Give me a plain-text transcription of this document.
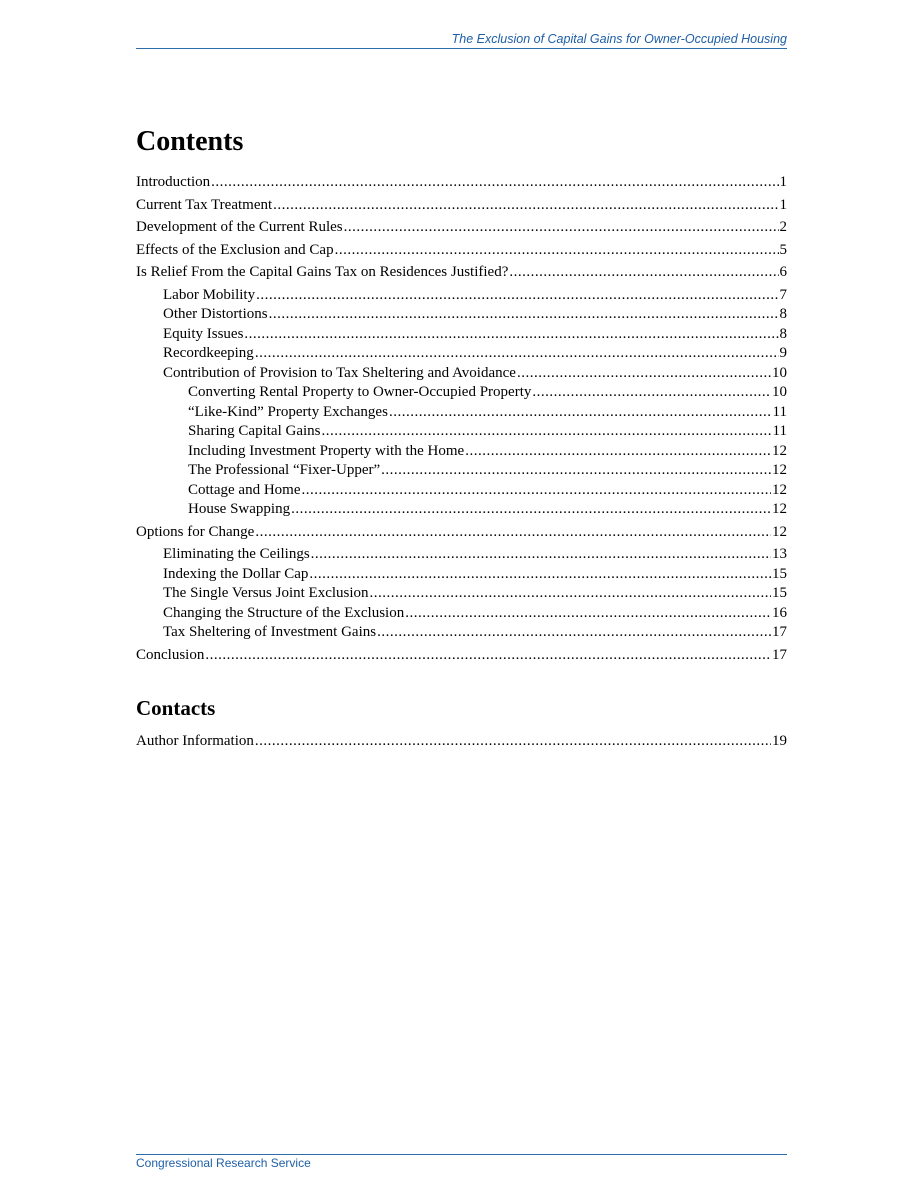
The Exclusion of Capital Gains for Owner-Occupied Housing
Contents
Introduction .....	1
Current Tax Treatment .....	1
Development of the Current Rules .....	2
Effects of the Exclusion and Cap .....	5
Is Relief From the Capital Gains Tax on Residences Justified? .....	6
Labor Mobility .....	7
Other Distortions .....	8
Equity Issues .....	8
Recordkeeping .....	9
Contribution of Provision to Tax Sheltering and Avoidance .....	10
Converting Rental Property to Owner-Occupied Property .....	10
“Like-Kind” Property Exchanges .....	11
Sharing Capital Gains .....	11
Including Investment Property with the Home .....	12
The Professional “Fixer-Upper” .....	12
Cottage and Home .....	12
House Swapping .....	12
Options for Change .....	12
Eliminating the Ceilings .....	13
Indexing the Dollar Cap .....	15
The Single Versus Joint Exclusion .....	15
Changing the Structure of the Exclusion .....	16
Tax Sheltering of Investment Gains .....	17
Conclusion .....	17
Contacts
Author Information .....	19
Congressional Research Service
